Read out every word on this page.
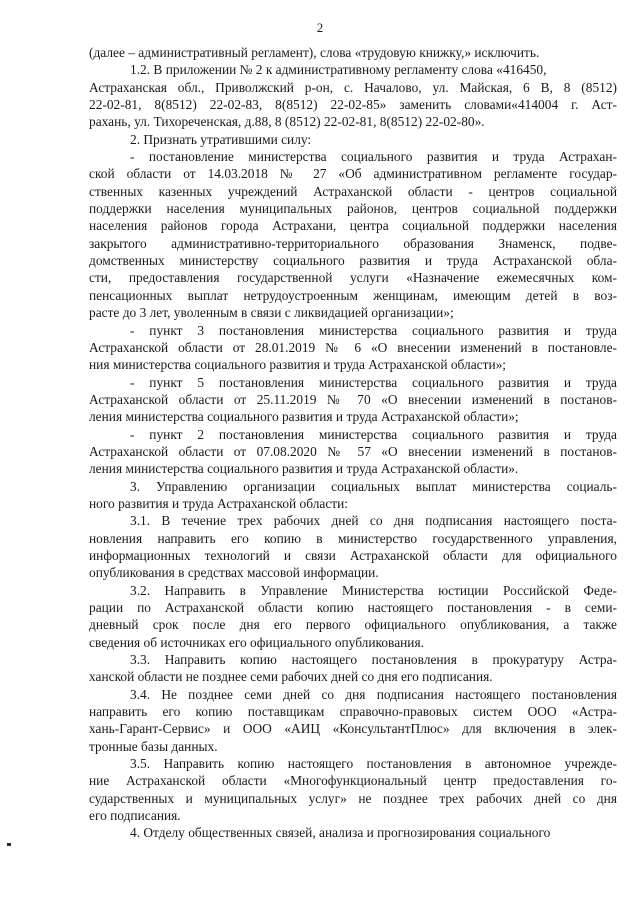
2
(далее – административный регламент), слова «трудовую книжку,» исключить.
1.2. В приложении № 2 к административному регламенту слова «416450,
Астраханская обл., Приволжский р-он, с. Началово, ул. Майская, 6 В, 8 (8512)
22-02-81, 8(8512) 22-02-83, 8(8512) 22-02-85» заменить словами«414004 г. Аст-
рахань, ул. Тихореченская, д.88, 8 (8512) 22-02-81, 8(8512) 22-02-80».
2. Признать утратившими силу:
- постановление министерства социального развития и труда Астрахан-
ской области от 14.03.2018 № 27 «Об административном регламенте государ-
ственных казенных учреждений Астраханской области - центров социальной
поддержки населения муниципальных районов, центров социальной поддержки
населения районов города Астрахани, центра социальной поддержки населения
закрытого административно-территориального образования Знаменск, подве-
домственных министерству социального развития и труда Астраханской обла-
сти, предоставления государственной услуги «Назначение ежемесячных ком-
пенсационных выплат нетрудоустроенным женщинам, имеющим детей в воз-
расте до 3 лет, уволенным в связи с ликвидацией организации»;
- пункт 3 постановления министерства социального развития и труда
Астраханской области от 28.01.2019 № 6 «О внесении изменений в постановле-
ния министерства социального развития и труда Астраханской области»;
- пункт 5 постановления министерства социального развития и труда
Астраханской области от 25.11.2019 № 70 «О внесении изменений в постанов-
ления министерства социального развития и труда Астраханской области»;
- пункт 2 постановления министерства социального развития и труда
Астраханской области от 07.08.2020 № 57 «О внесении изменений в постанов-
ления министерства социального развития и труда Астраханской области».
3. Управлению организации социальных выплат министерства социаль-
ного развития и труда Астраханской области:
3.1. В течение трех рабочих дней со дня подписания настоящего поста-
новления направить его копию в министерство государственного управления,
информационных технологий и связи Астраханской области для официального
опубликования в средствах массовой информации.
3.2. Направить в Управление Министерства юстиции Российской Феде-
рации по Астраханской области копию настоящего постановления - в семи-
дневный срок после дня его первого официального опубликования, а также
сведения об источниках его официального опубликования.
3.3. Направить копию настоящего постановления в прокуратуру Астра-
ханской области не позднее семи рабочих дней со дня его подписания.
3.4. Не позднее семи дней со дня подписания настоящего постановления
направить его копию поставщикам справочно-правовых систем ООО «Астра-
хань-Гарант-Сервис» и ООО «АИЦ «КонсультантПлюс» для включения в элек-
тронные базы данных.
3.5. Направить копию настоящего постановления в автономное учрежде-
ние Астраханской области «Многофункциональный центр предоставления го-
сударственных и муниципальных услуг» не позднее трех рабочих дней со дня
его подписания.
4. Отделу общественных связей, анализа и прогнозирования социального
